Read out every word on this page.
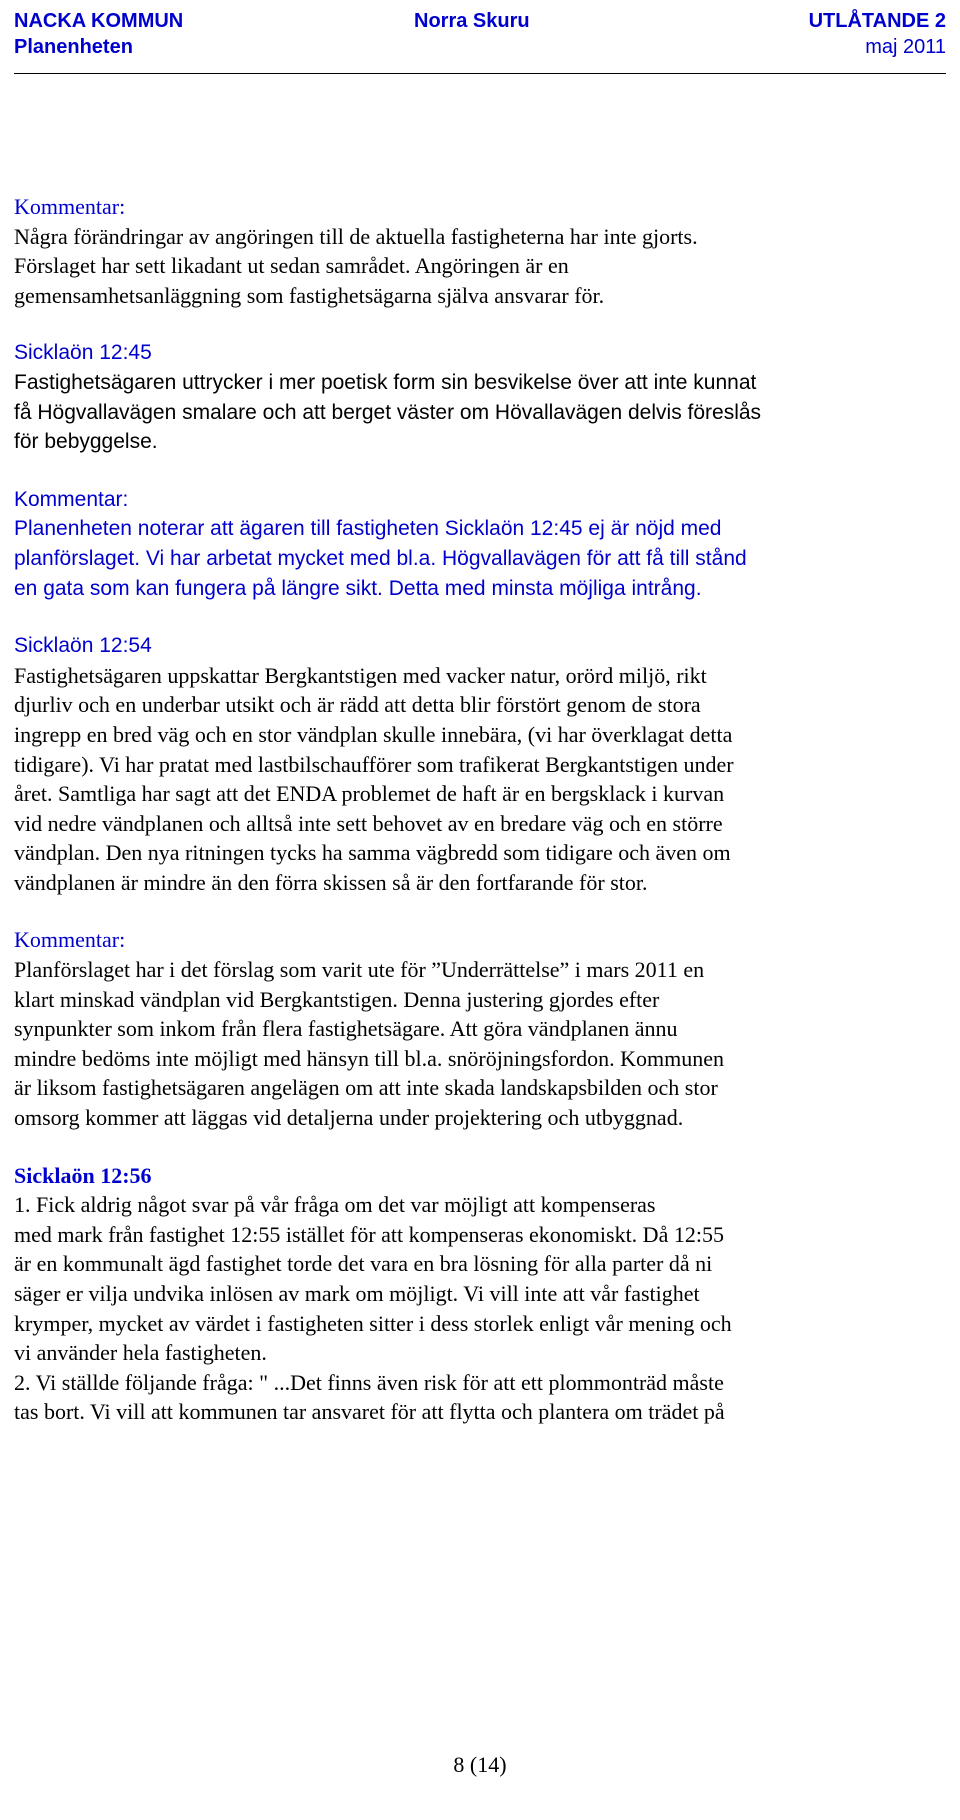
NACKA KOMMUN	Norra Skuru	UTLÅTANDE 2
Planenheten	maj 2011

Kommentar:

Några förändringar av angöringen till de aktuella fastigheterna har inte gjorts.

Förslaget har sett likadant ut sedan samrådet. Angöringen är en

gemensamhetsanläggning som fastighetsägarna själva ansvarar för.

Sicklaön 12:45

Fastighetsägaren uttrycker i mer poetisk form sin besvikelse över att inte kunnat

få Högvallavägen smalare och att berget väster om Hövallavägen delvis föreslås

för bebyggelse.

Kommentar:

Planenheten noterar att ägaren till fastigheten Sicklaön 12:45 ej är nöjd med

planförslaget. Vi har arbetat mycket med bl.a. Högvallavägen för att få till stånd

en gata som kan fungera på längre sikt. Detta med minsta möjliga intrång.

Sicklaön 12:54

Fastighetsägaren uppskattar Bergkantstigen med vacker natur, orörd miljö, rikt

djurliv och en underbar utsikt och är rädd att detta blir förstört genom de stora

ingrepp en bred väg och en stor vändplan skulle innebära, (vi har överklagat detta

tidigare). Vi har pratat med lastbilschaufförer som trafikerat Bergkantstigen under

året. Samtliga har sagt att det ENDA problemet de haft är en bergsklack i kurvan

vid nedre vändplanen och alltså inte sett behovet av en bredare väg och en större

vändplan. Den nya ritningen tycks ha samma vägbredd som tidigare och även om

vändplanen är mindre än den förra skissen så är den fortfarande för stor.

Kommentar:

Planförslaget har i det förslag som varit ute för ”Underrättelse” i mars 2011 en

klart minskad vändplan vid Bergkantstigen. Denna justering gjordes efter

synpunkter som inkom från flera fastighetsägare. Att göra vändplanen ännu

mindre bedöms inte möjligt med hänsyn till bl.a. snöröjningsfordon. Kommunen

är liksom fastighetsägaren angelägen om att inte skada landskapsbilden och stor

omsorg kommer att läggas vid detaljerna under projektering och utbyggnad.

Sicklaön 12:56

1. Fick aldrig något svar på vår fråga om det var möjligt att kompenseras

med mark från fastighet 12:55 istället för att kompenseras ekonomiskt. Då 12:55

är en kommunalt ägd fastighet torde det vara en bra lösning för alla parter då ni

säger er vilja undvika inlösen av mark om möjligt. Vi vill inte att vår fastighet

krymper, mycket av värdet i fastigheten sitter i dess storlek enligt vår mening och

vi använder hela fastigheten.

2. Vi ställde följande fråga: " ...Det finns även risk för att ett plommonträd måste

tas bort. Vi vill att kommunen tar ansvaret för att flytta och plantera om trädet på

8 (14)
